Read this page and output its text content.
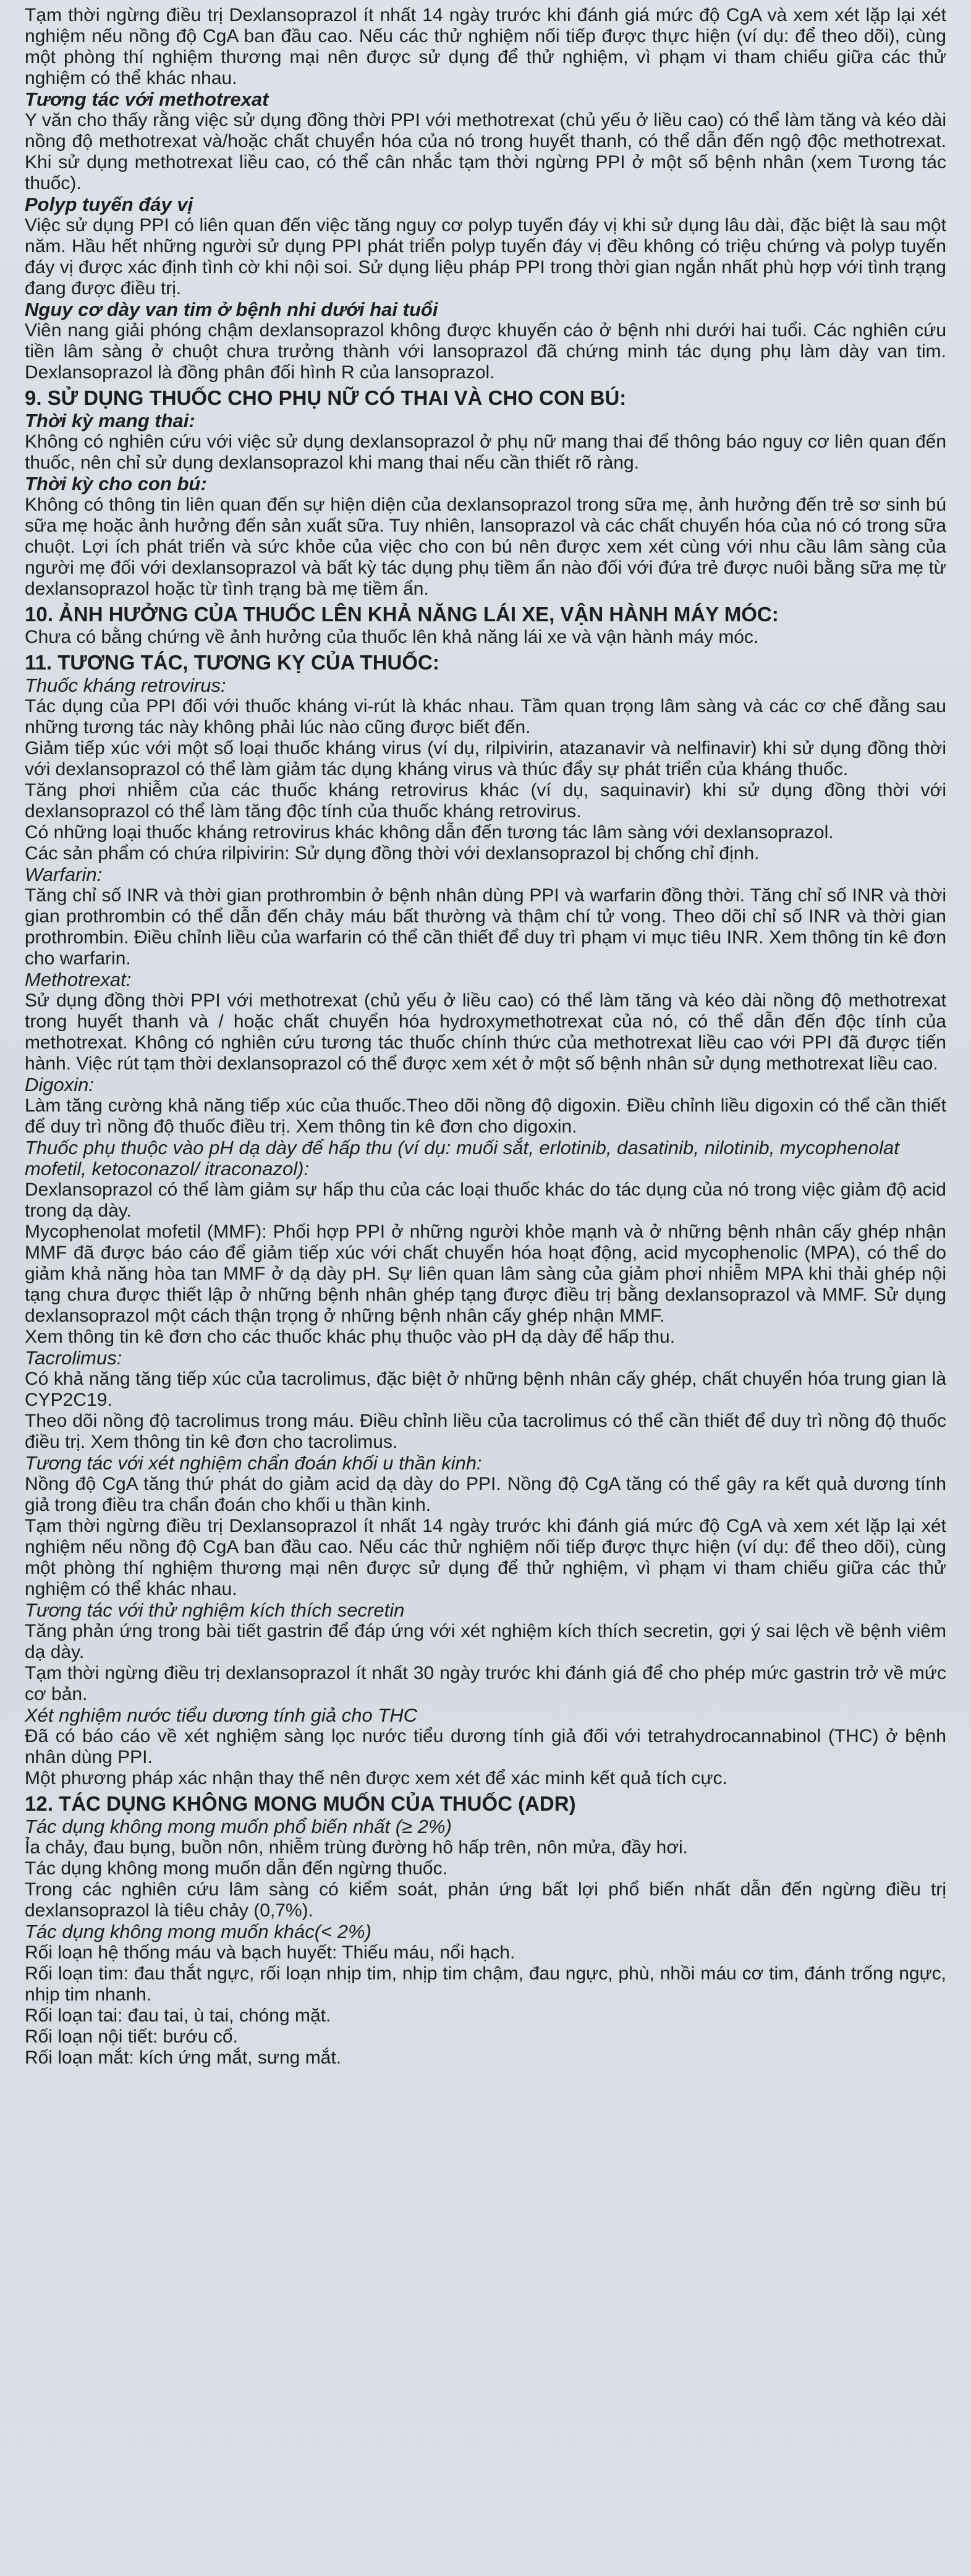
Tạm thời ngừng điều trị Dexlansoprazol ít nhất 14 ngày trước khi đánh giá mức độ CgA và xem xét lặp lại xét nghiệm nếu nồng độ CgA ban đầu cao. Nếu các thử nghiệm nối tiếp được thực hiện (ví dụ: để theo dõi), cùng một phòng thí nghiệm thương mại nên được sử dụng để thử nghiệm, vì phạm vi tham chiếu giữa các thử nghiệm có thể khác nhau.

Tương tác với methotrexat

Y văn cho thấy rằng việc sử dụng đồng thời PPI với methotrexat (chủ yếu ở liều cao) có thể làm tăng và kéo dài nồng độ methotrexat và/hoặc chất chuyển hóa của nó trong huyết thanh, có thể dẫn đến ngộ độc methotrexat. Khi sử dụng methotrexat liều cao, có thể cân nhắc tạm thời ngừng PPI ở một số bệnh nhân (xem Tương tác thuốc).

Polyp tuyến đáy vị

Việc sử dụng PPI có liên quan đến việc tăng nguy cơ polyp tuyến đáy vị khi sử dụng lâu dài, đặc biệt là sau một năm. Hầu hết những người sử dụng PPI phát triển polyp tuyến đáy vị đều không có triệu chứng và polyp tuyến đáy vị được xác định tình cờ khi nội soi. Sử dụng liệu pháp PPI trong thời gian ngắn nhất phù hợp với tình trạng đang được điều trị.

Nguy cơ dày van tim ở bệnh nhi dưới hai tuổi

Viên nang giải phóng chậm dexlansoprazol không được khuyến cáo ở bệnh nhi dưới hai tuổi. Các nghiên cứu tiền lâm sàng ở chuột chưa trưởng thành với lansoprazol đã chứng minh tác dụng phụ làm dày van tim. Dexlansoprazol là đồng phân đối hình R của lansoprazol.

9. SỬ DỤNG THUỐC CHO PHỤ NỮ CÓ THAI VÀ CHO CON BÚ:
Thời kỳ mang thai:

Không có nghiên cứu với việc sử dụng dexlansoprazol ở phụ nữ mang thai để thông báo nguy cơ liên quan đến thuốc, nên chỉ sử dụng dexlansoprazol khi mang thai nếu cần thiết rõ ràng.

Thời kỳ cho con bú:

Không có thông tin liên quan đến sự hiện diện của dexlansoprazol trong sữa mẹ, ảnh hưởng đến trẻ sơ sinh bú sữa mẹ hoặc ảnh hưởng đến sản xuất sữa. Tuy nhiên, lansoprazol và các chất chuyển hóa của nó có trong sữa chuột. Lợi ích phát triển và sức khỏe của việc cho con bú nên được xem xét cùng với nhu cầu lâm sàng của người mẹ đối với dexlansoprazol và bất kỳ tác dụng phụ tiềm ẩn nào đối với đứa trẻ được nuôi bằng sữa mẹ từ dexlansoprazol hoặc từ tình trạng bà mẹ tiềm ẩn.

10. ẢNH HƯỞNG CỦA THUỐC LÊN KHẢ NĂNG LÁI XE, VẬN HÀNH MÁY MÓC:

Chưa có bằng chứng về ảnh hưởng của thuốc lên khả năng lái xe và vận hành máy móc.

11. TƯƠNG TÁC, TƯƠNG KỴ CỦA THUỐC:
Thuốc kháng retrovirus:

Tác dụng của PPI đối với thuốc kháng vi-rút là khác nhau. Tầm quan trọng lâm sàng và các cơ chế đằng sau những tương tác này không phải lúc nào cũng được biết đến.

Giảm tiếp xúc với một số loại thuốc kháng virus (ví dụ, rilpivirin, atazanavir và nelfinavir) khi sử dụng đồng thời với dexlansoprazol có thể làm giảm tác dụng kháng virus và thúc đẩy sự phát triển của kháng thuốc.

Tăng phơi nhiễm của các thuốc kháng retrovirus khác (ví dụ, saquinavir) khi sử dụng đồng thời với dexlansoprazol có thể làm tăng độc tính của thuốc kháng retrovirus.

Có những loại thuốc kháng retrovirus khác không dẫn đến tương tác lâm sàng với dexlansoprazol.

Các sản phẩm có chứa rilpivirin: Sử dụng đồng thời với dexlansoprazol bị chống chỉ định.

Warfarin:

Tăng chỉ số INR và thời gian prothrombin ở bệnh nhân dùng PPI và warfarin đồng thời. Tăng chỉ số INR và thời gian prothrombin có thể dẫn đến chảy máu bất thường và thậm chí tử vong. Theo dõi chỉ số INR và thời gian prothrombin. Điều chỉnh liều của warfarin có thể cần thiết để duy trì phạm vi mục tiêu INR. Xem thông tin kê đơn cho warfarin.

Methotrexat:

Sử dụng đồng thời PPI với methotrexat (chủ yếu ở liều cao) có thể làm tăng và kéo dài nồng độ methotrexat trong huyết thanh và / hoặc chất chuyển hóa hydroxymethotrexat của nó, có thể dẫn đến độc tính của methotrexat. Không có nghiên cứu tương tác thuốc chính thức của methotrexat liều cao với PPI đã được tiến hành. Việc rút tạm thời dexlansoprazol có thể được xem xét ở một số bệnh nhân sử dụng methotrexat liều cao.

Digoxin:

Làm tăng cường khả năng tiếp xúc của thuốc.Theo dõi nồng độ digoxin. Điều chỉnh liều digoxin có thể cần thiết để duy trì nồng độ thuốc điều trị. Xem thông tin kê đơn cho digoxin.

Thuốc phụ thuộc vào pH dạ dày để hấp thu (ví dụ: muối sắt, erlotinib, dasatinib, nilotinib, mycophenolat mofetil, ketoconazol/ itraconazol):

Dexlansoprazol có thể làm giảm sự hấp thu của các loại thuốc khác do tác dụng của nó trong việc giảm độ acid trong dạ dày.

Mycophenolat mofetil (MMF): Phối hợp PPI ở những người khỏe mạnh và ở những bệnh nhân cấy ghép nhận MMF đã được báo cáo để giảm tiếp xúc với chất chuyển hóa hoạt động, acid mycophenolic (MPA), có thể do giảm khả năng hòa tan MMF ở dạ dày pH. Sự liên quan lâm sàng của giảm phơi nhiễm MPA khi thải ghép nội tạng chưa được thiết lập ở những bệnh nhân ghép tạng được điều trị bằng dexlansoprazol và MMF. Sử dụng dexlansoprazol một cách thận trọng ở những bệnh nhân cấy ghép nhận MMF.

Xem thông tin kê đơn cho các thuốc khác phụ thuộc vào pH dạ dày để hấp thu.

Tacrolimus:

Có khả năng tăng tiếp xúc của tacrolimus, đặc biệt ở những bệnh nhân cấy ghép, chất chuyển hóa trung gian là CYP2C19.

Theo dõi nồng độ tacrolimus trong máu. Điều chỉnh liều của tacrolimus có thể cần thiết để duy trì nồng độ thuốc điều trị. Xem thông tin kê đơn cho tacrolimus.

Tương tác với xét nghiệm chẩn đoán khối u thần kinh:

Nồng độ CgA tăng thứ phát do giảm acid dạ dày do PPI. Nồng độ CgA tăng có thể gây ra kết quả dương tính giả trong điều tra chẩn đoán cho khối u thần kinh.

Tạm thời ngừng điều trị Dexlansoprazol ít nhất 14 ngày trước khi đánh giá mức độ CgA và xem xét lặp lại xét nghiệm nếu nồng độ CgA ban đầu cao. Nếu các thử nghiệm nối tiếp được thực hiện (ví dụ: để theo dõi), cùng một phòng thí nghiệm thương mại nên được sử dụng để thử nghiệm, vì phạm vi tham chiếu giữa các thử nghiệm có thể khác nhau.

Tương tác với thử nghiệm kích thích secretin

Tăng phản ứng trong bài tiết gastrin để đáp ứng với xét nghiệm kích thích secretin, gợi ý sai lệch về bệnh viêm dạ dày.

Tạm thời ngừng điều trị dexlansoprazol ít nhất 30 ngày trước khi đánh giá để cho phép mức gastrin trở về mức cơ bản.

Xét nghiệm nước tiểu dương tính giả cho THC

Đã có báo cáo về xét nghiệm sàng lọc nước tiểu dương tính giả đối với tetrahydrocannabinol (THC) ở bệnh nhân dùng PPI.

Một phương pháp xác nhận thay thế nên được xem xét để xác minh kết quả tích cực.

12. TÁC DỤNG KHÔNG MONG MUỐN CỦA THUỐC (ADR)
Tác dụng không mong muốn phổ biến nhất (≥ 2%)

Ỉa chảy, đau bụng, buồn nôn, nhiễm trùng đường hô hấp trên, nôn mửa, đầy hơi.

Tác dụng không mong muốn dẫn đến ngừng thuốc.

Trong các nghiên cứu lâm sàng có kiểm soát, phản ứng bất lợi phổ biến nhất dẫn đến ngừng điều trị dexlansoprazol là tiêu chảy (0,7%).

Tác dụng không mong muốn khác(< 2%)

Rối loạn hệ thống máu và bạch huyết: Thiếu máu, nổi hạch.

Rối loạn tim: đau thắt ngực, rối loạn nhịp tim, nhịp tim chậm, đau ngực, phù, nhồi máu cơ tim, đánh trống ngực, nhịp tim nhanh.

Rối loạn tai: đau tai, ù tai, chóng mặt.

Rối loạn nội tiết: bướu cổ.

Rối loạn mắt: kích ứng mắt, sưng mắt.
